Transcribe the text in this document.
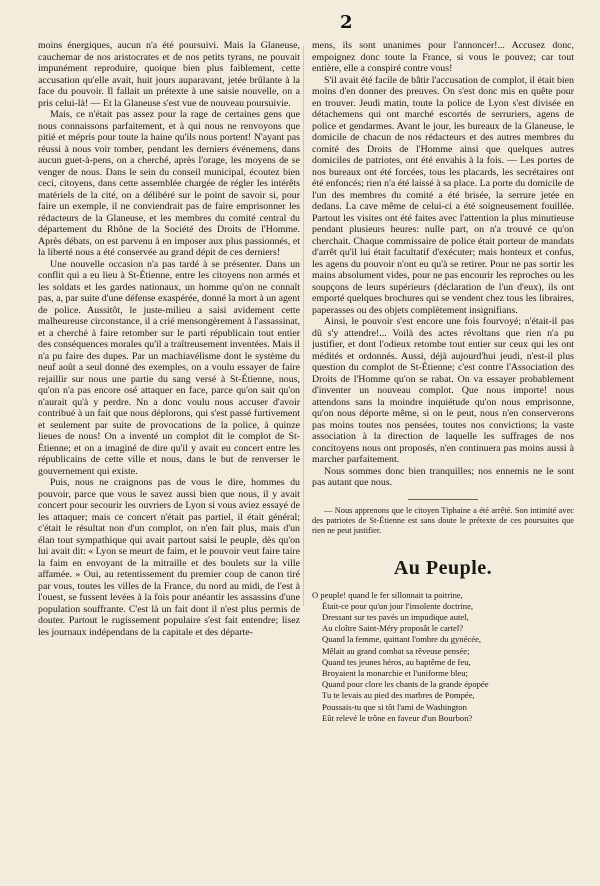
2

moins énergiques, aucun n'a été poursuivi. Mais la Glaneuse, cauchemar de nos aristocrates et de nos petits tyrans, ne pouvait impunément reproduire, quoique bien plus faiblement, cette accusation qu'elle avait, huit jours auparavant, jetée brûlante à la face du pouvoir. Il fallait un prétexte à une saisie nouvelle, on a pris celui-là! — Et la Glaneuse s'est vue de nouveau poursuivie.

Mais, ce n'était pas assez pour la rage de certaines gens que nous connaissons parfaitement, et à qui nous ne renvoyons que pitié et mépris pour toute la haine qu'ils nous portent! N'ayant pas réussi à nous voir tomber, pendant les derniers événemens, dans aucun guet-à-pens, on a cherché, après l'orage, les moyens de se venger de nous. Dans le sein du conseil municipal, écoutez bien ceci, citoyens, dans cette assemblée chargée de régler les intérêts matériels de la cité, on a délibéré sur le point de savoir si, pour faire un exemple, il ne conviendrait pas de faire emprisonner les rédacteurs de la Glaneuse, et les membres du comité central du département du Rhône de la Société des Droits de l'Homme. Après débats, on est parvenu à en imposer aux plus passionnés, et la liberté nous a été conservée au grand dépit de ces derniers!

Une nouvelle occasion n'a pas tardé à se présenter. Dans un conflit qui a eu lieu à St-Étienne, entre les citoyens non armés et les soldats et les gardes nationaux, un homme qu'on ne connaît pas, a, par suite d'une défense exaspérée, donné la mort à un agent de police. Aussitôt, le juste-milieu a saisi avidement cette malheureuse circonstance, il a crié mensongèrement à l'assassinat, et a cherché à faire retomber sur le parti républicain tout entier des conséquences morales qu'il a traîtreusement inventées. Mais il n'a pu faire des dupes. Par un machiavélisme dont le système du neuf août a seul donné des exemples, on a voulu essayer de faire rejaillir sur nous une partie du sang versé à St-Étienne, nous, qu'on n'a pas encore osé attaquer en face, parce qu'on sait qu'on n'aurait qu'à y perdre. Nn a donc voulu nous accuser d'avoir contribué à un fait que nous déplorons, qui s'est passé furtivement et seulement par suite de provocations de la police, à quinze lieues de nous! On a inventé un complot dit le complot de St-Étienne; et on a imaginé de dire qu'il y avait eu concert entre les républicains de cette ville et nous, dans le but de renverser le gouvernement qui existe.

Puis, nous ne craignons pas de vous le dire, hommes du pouvoir, parce que vous le savez aussi bien que nous, il y avait concert pour secourir les ouvriers de Lyon si vous aviez essayé de les attaquer; mais ce concert n'était pas partiel, il était général; c'était le résultat non d'un complot, on n'en fait plus, mais d'un élan tout sympathique qui avait partout saisi le peuple, dès qu'on lui avait dit: « Lyon se meurt de faim, et le pouvoir veut faire taire la faim en envoyant de la mitraille et des boulets sur la ville affamée. » Oui, au retentissement du premier coup de canon tiré par vous, toutes les villes de la France, du nord au midi, de l'est à l'ouest, se fussent levées à la fois pour anéantir les assassins d'une population souffrante. C'est là un fait dont il n'est plus permis de douter. Partout le rugissement populaire s'est fait entendre; lisez les journaux indépendans de la capitale et des départe-

mens, ils sont unanimes pour l'annoncer!... Accusez donc, empoignez donc toute la France, si vous le pouvez; car tout entière, elle a conspiré contre vous!

S'il avait été facile de bâtir l'accusation de complot, il était bien moins d'en donner des preuves. On s'est donc mis en quête pour en trouver. Jeudi matin, toute la police de Lyon s'est divisée en détachemens qui ont marché escortés de serruriers, agens de police et gendarmes. Avant le jour, les bureaux de la Glaneuse, le domicile de chacun de nos rédacteurs et des autres membres du comité des Droits de l'Homme ainsi que quelques autres domiciles de patriotes, ont été envahis à la fois. — Les portes de nos bureaux ont été forcées, tous les placards, les secrétaires ont été enfoncés; rien n'a été laissé à sa place. La porte du domicile de l'un des membres du comité a été brisée, la serrure jetée en dedans. La cave même de celui-ci a été soigneusement fouillée. Partout les visites ont été faites avec l'attention la plus minutieuse pendant plusieurs heures: nulle part, on n'a trouvé ce qu'on cherchait. Chaque commissaire de police était porteur de mandats d'arrêt qu'il lui était facultatif d'exécuter; mais honteux et confus, les agens du pouvoir n'ont eu qu'à se retirer. Pour ne pas sortir les mains absolument vides, pour ne pas encourir les reproches ou les soupçons de leurs supérieurs (déclaration de l'un d'eux), ils ont emporté quelques brochures qui se vendent chez tous les libraires, paperasses ou des objets complètement insignifians.

Ainsi, le pouvoir s'est encore une fois fourvoyé; n'était-il pas dû s'y attendre!... Voilà des actes révoltans que rien n'a pu justifier, et dont l'odieux retombe tout entier sur ceux qui les ont médités et ordonnés. Aussi, déjà aujourd'hui jeudi, n'est-il plus question du complot de St-Étienne; c'est contre l'Association des Droits de l'Homme qu'on se rabat. On va essayer probablement d'inventer un nouveau complot. Que nous importe! nous attendons sans la moindre inquiétude qu'on nous emprisonne, qu'on nous déporte même, si on le peut, nous n'en conserverons pas moins toutes nos pensées, toutes nos convictions; la vaste association à la direction de laquelle les suffrages de nos concitoyens nous ont proposés, n'en continuera pas moins aussi à marcher parfaitement.

Nous sommes donc bien tranquilles; nos ennemis ne le sont pas autant que nous.

— Nous apprenons que le citoyen Tiphaine a été arrêté. Son intimité avec des patriotes de St-Étienne est sans doute le prétexte de ces poursuites que rien ne peut justifier.

Au Peuple.
O peuple! quand le fer sillonnait ta poitrine,
Était-ce pour qu'un jour l'insolente doctrine,
Dressant sur tes pavés un impudique autel,
Au cloître Saint-Méry proposât le cartel?
Quand la femme, quittant l'ombre du gynécée,
Mêlait au grand combat sa rêveuse pensée;
Quand tes jeunes héros, au baptême de feu,
Broyaient la monarchie et l'uniforme bleu;
Quand pour clore les chants de la grande épopée
Tu te levais au pied des marbres de Pompée,
Poussais-tu que si tôt l'ami de Washington
Eût relevé le trône en faveur d'un Bourbon?
